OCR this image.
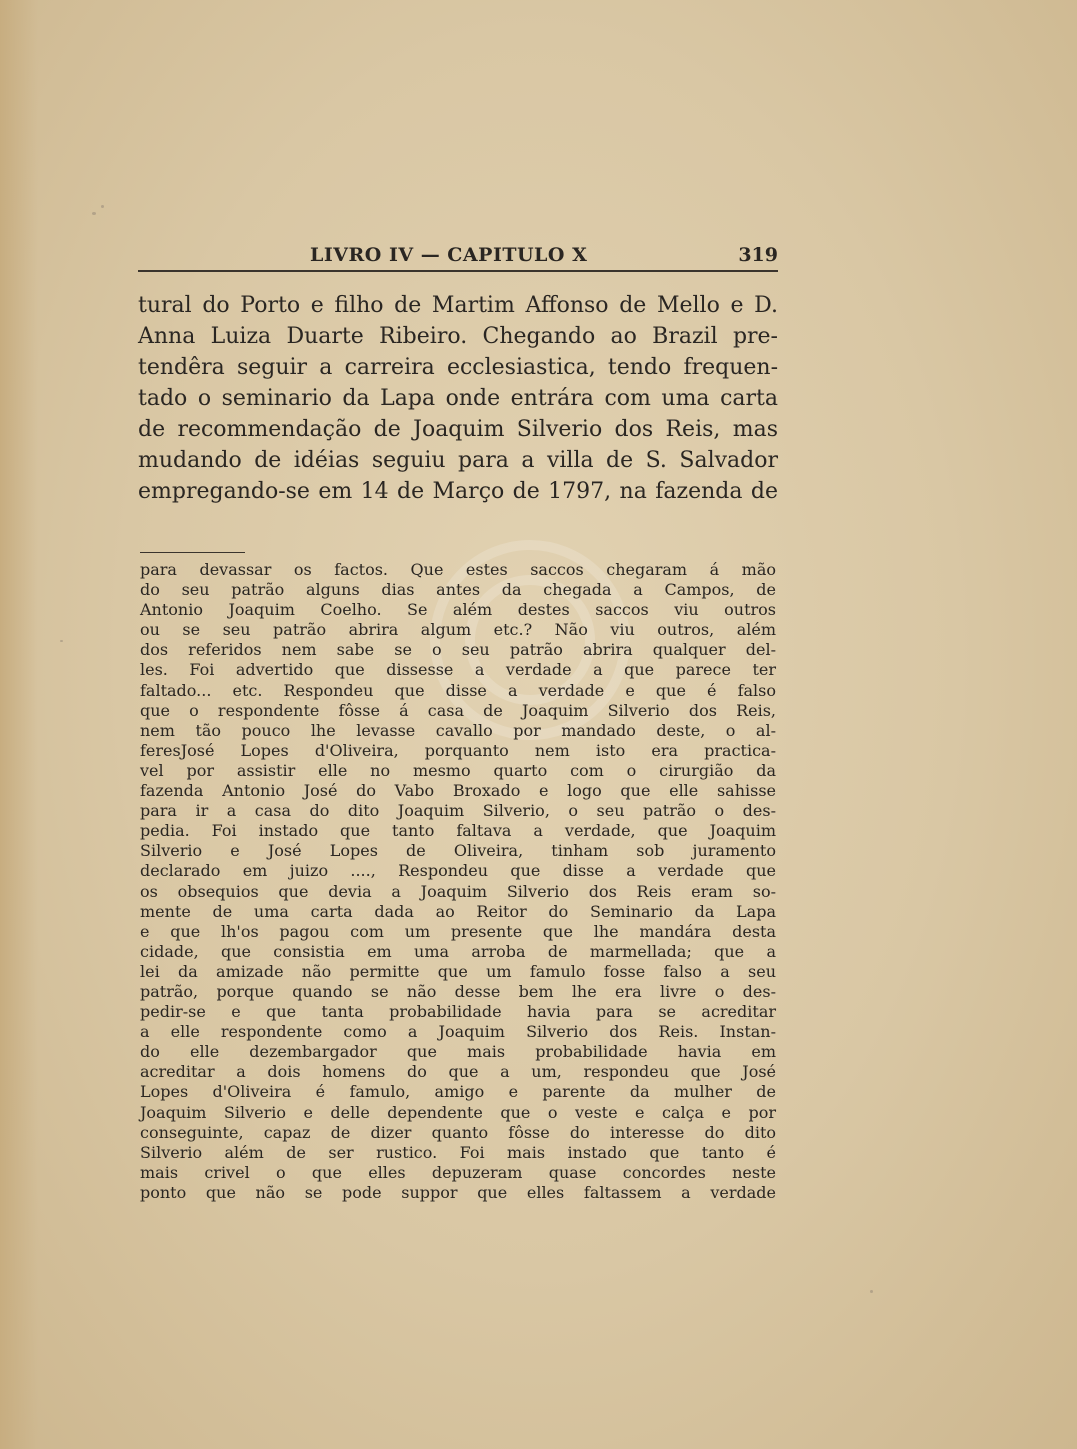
LIVRO IV — CAPITULO X	319
tural do Porto e filho de Martim Affonso de Mello e D.
Anna Luiza Duarte Ribeiro. Chegando ao Brazil pre-
tendêra seguir a carreira ecclesiastica, tendo frequen-
tado o seminario da Lapa onde entrára com uma carta
de recommendação de Joaquim Silverio dos Reis, mas
mudando de idéias seguiu para a villa de S. Salvador
empregando-se em 14 de Março de 1797, na fazenda de
para devassar os factos. Que estes saccos chegaram á mão
do seu patrão alguns dias antes da chegada a Campos, de
Antonio Joaquim Coelho. Se além destes saccos viu outros
ou se seu patrão abrira algum etc.? Não viu outros, além
dos referidos nem sabe se o seu patrão abrira qualquer del-
les. Foi advertido que dissesse a verdade a que parece ter
faltado... etc. Respondeu que disse a verdade e que é falso
que o respondente fôsse á casa de Joaquim Silverio dos Reis,
nem tão pouco lhe levasse cavallo por mandado deste, o al-
feresJosé Lopes d'Oliveira, porquanto nem isto era practica-
vel por assistir elle no mesmo quarto com o cirurgião da
fazenda Antonio José do Vabo Broxado e logo que elle sahisse
para ir a casa do dito Joaquim Silverio, o seu patrão o des-
pedia. Foi instado que tanto faltava a verdade, que Joaquim
Silverio e José Lopes de Oliveira, tinham sob juramento
declarado em juizo ...., Respondeu que disse a verdade que
os obsequios que devia a Joaquim Silverio dos Reis eram so-
mente de uma carta dada ao Reitor do Seminario da Lapa
e que lh'os pagou com um presente que lhe mandára desta
cidade, que consistia em uma arroba de marmellada; que a
lei da amizade não permitte que um famulo fosse falso a seu
patrão, porque quando se não desse bem lhe era livre o des-
pedir-se e que tanta probabilidade havia para se acreditar
a elle respondente como a Joaquim Silverio dos Reis. Instan-
do elle dezembargador que mais probabilidade havia em
acreditar a dois homens do que a um, respondeu que José
Lopes d'Oliveira é famulo, amigo e parente da mulher de
Joaquim Silverio e delle dependente que o veste e calça e por
conseguinte, capaz de dizer quanto fôsse do interesse do dito
Silverio além de ser rustico. Foi mais instado que tanto é
mais crivel o que elles depuzeram quase concordes neste
ponto que não se pode suppor que elles faltassem a verdade
